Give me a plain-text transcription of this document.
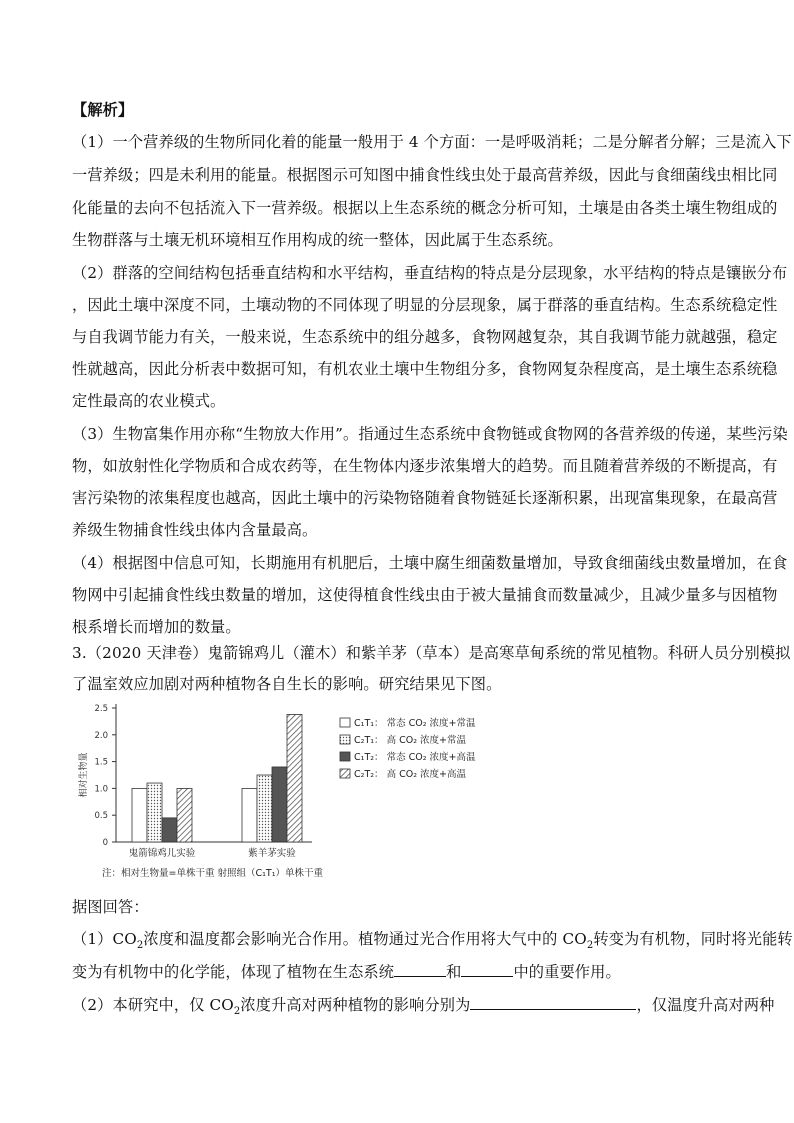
【解析】
（1）一个营养级的生物所同化着的能量一般用于 4 个方面：一是呼吸消耗；二是分解者分解；三是流入下
一营养级；四是未利用的能量。根据图示可知图中捕食性线虫处于最高营养级，因此与食细菌线虫相比同
化能量的去向不包括流入下一营养级。根据以上生态系统的概念分析可知，土壤是由各类土壤生物组成的
生物群落与土壤无机环境相互作用构成的统一整体，因此属于生态系统。
（2）群落的空间结构包括垂直结构和水平结构，垂直结构的特点是分层现象，水平结构的特点是镶嵌分布
，因此土壤中深度不同，土壤动物的不同体现了明显的分层现象，属于群落的垂直结构。生态系统稳定性
与自我调节能力有关，一般来说，生态系统中的组分越多，食物网越复杂，其自我调节能力就越强，稳定
性就越高，因此分析表中数据可知，有机农业土壤中生物组分多，食物网复杂程度高，是土壤生态系统稳
定性最高的农业模式。
（3）生物富集作用亦称“生物放大作用”。指通过生态系统中食物链或食物网的各营养级的传递，某些污染
物，如放射性化学物质和合成农药等，在生物体内逐步浓集增大的趋势。而且随着营养级的不断提高，有
害污染物的浓集程度也越高，因此土壤中的污染物铬随着食物链延长逐渐积累，出现富集现象，在最高营
养级生物捕食性线虫体内含量最高。
（4）根据图中信息可知，长期施用有机肥后，土壤中腐生细菌数量增加，导致食细菌线虫数量增加，在食
物网中引起捕食性线虫数量的增加，这使得植食性线虫由于被大量捕食而数量减少，且减少量多与因植物
根系增长而增加的数量。
3.（2020 天津卷）鬼箭锦鸡儿（灌木）和紫羊茅（草本）是高寒草甸系统的常见植物。科研人员分别模拟
了温室效应加剧对两种植物各自生长的影响。研究结果见下图。
0
0.5
1.0
1.5
2.0
2.5
相对生物量
鬼箭锦鸡儿实验	紫羊茅实验
注：相对生物量=单株干重 射照组（C₁T₁）单株干重
C₁T₁： 常态 CO₂ 浓度+常温
C₂T₁： 高 CO₂ 浓度+常温
C₁T₂： 常态 CO₂ 浓度+高温
C₂T₂： 高 CO₂ 浓度+高温
据图回答：
$(1)CO_2$浓度和温度都会影响光合作用。植物通过光合作用将大气中的 $CO_2$转变为有机物，同时将光能转
变为有机物中的化学能，体现了植物在生态系统	和	中的重要作用。
（2）本研究中，仅 $CO_2$浓度升高对两种植物的影响分别为	，仅温度升高对两种
